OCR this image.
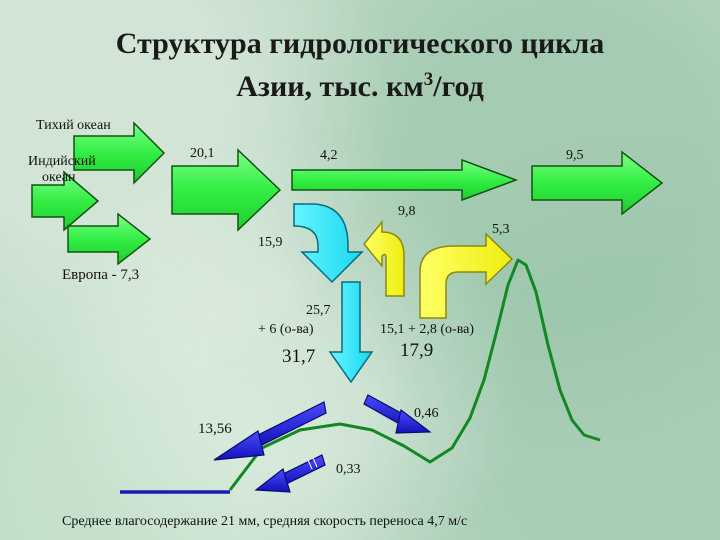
Структура гидрологического цикла
Азии, тыс. $км^3$/год
Тихий океан
Индийский
океан
Европа - 7,3
20,1	4,2	9,5
9,8
5,3
15,9
25,7
+ 6 (о-ва)
31,7
15,1 + 2,8 (о-ва)
17,9
0,46
13,56
0,33
Среднее влагосодержание 21 мм, средняя скорость переноса 4,7 м/с
